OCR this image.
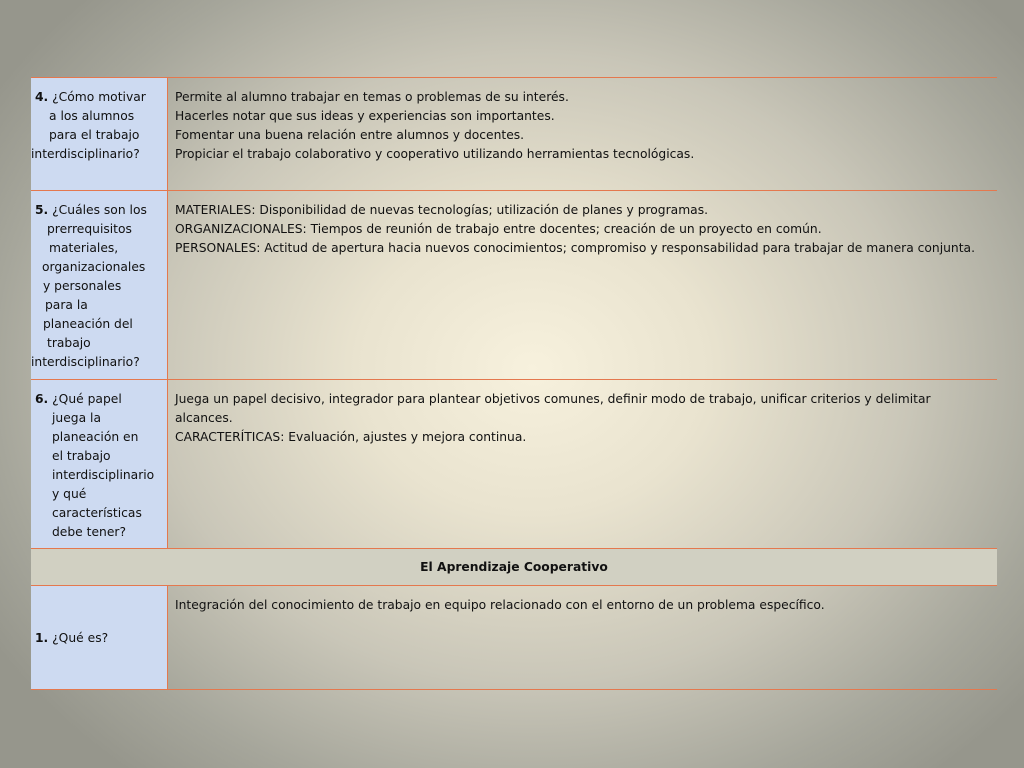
4. ¿Cómo motivar
a los alumnos
para el trabajo
interdisciplinario?
Permite al alumno trabajar en temas o problemas de su interés.
Hacerles notar que sus ideas y experiencias son importantes.
Fomentar una buena relación entre alumnos y docentes.
Propiciar el trabajo colaborativo y cooperativo utilizando herramientas tecnológicas.
5. ¿Cuáles son los
prerrequisitos
materiales,
organizacionales
y personales
para la
planeación del
trabajo
interdisciplinario?
MATERIALES: Disponibilidad de nuevas tecnologías; utilización de planes y programas.
ORGANIZACIONALES: Tiempos de reunión de trabajo entre docentes; creación de un proyecto en común.
PERSONALES: Actitud de apertura hacia nuevos conocimientos; compromiso y responsabilidad para trabajar de manera conjunta.
6. ¿Qué papel
juega la
planeación en
el trabajo
interdisciplinario
y qué
características
debe tener?
Juega un papel decisivo, integrador para plantear objetivos comunes, definir modo de trabajo, unificar criterios y delimitar alcances.
CARACTERÍTICAS: Evaluación, ajustes y mejora continua.
El Aprendizaje Cooperativo
1. ¿Qué es?
Integración del conocimiento de trabajo en equipo relacionado con el entorno de un problema específico.
